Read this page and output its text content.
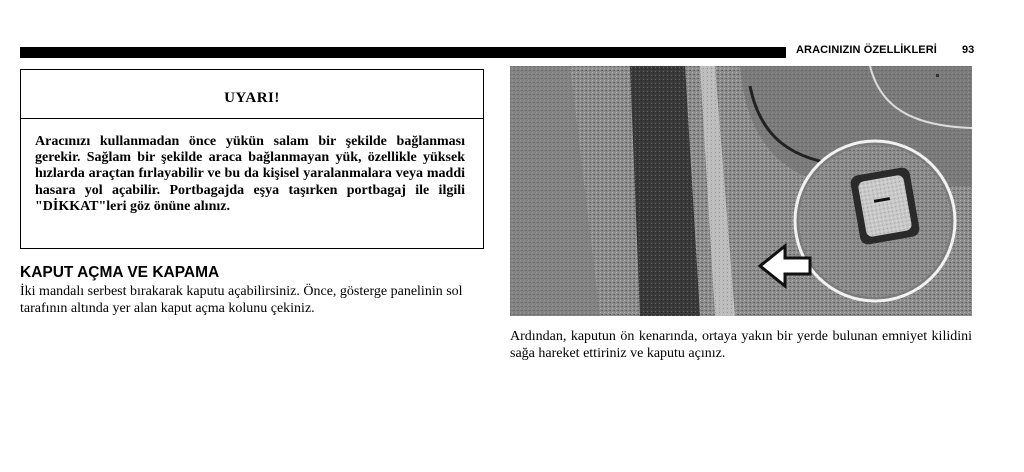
ARACINIZIN ÖZELLİKLERİ 93
UYARI!
Aracınızı kullanmadan önce yükün salam bir şekilde bağlanması gerekir. Sağlam bir şekilde araca bağlanmayan yük, özellikle yüksek hızlarda araçtan fırlayabilir ve bu da kişisel yaralanmalara veya maddi hasara yol açabilir. Portbagajda eşya taşırken portbagaj ile ilgili "DİKKAT"leri göz önüne alınız.
KAPUT AÇMA VE KAPAMA
İki mandalı serbest bırakarak kaputu açabilirsiniz. Önce, gösterge panelinin sol tarafının altında yer alan kaput açma kolunu çekiniz.
Ardından, kaputun ön kenarında, ortaya yakın bir yerde bulunan emniyet kilidini sağa hareket ettiriniz ve kaputu açınız.
